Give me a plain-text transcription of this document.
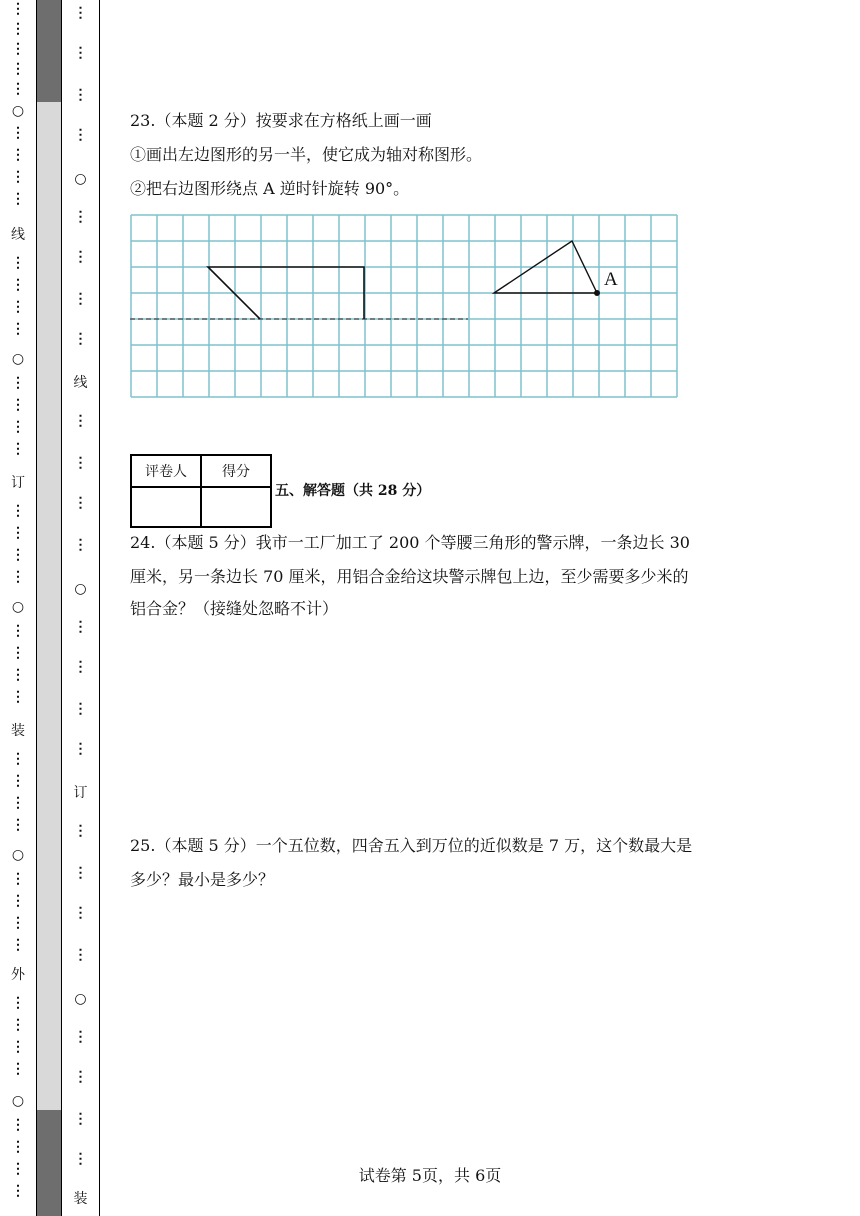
⋮
⋮
⋮
⋮
⋮
○
⋮
⋮
⋮
⋮
线
⋮
⋮
⋮
⋮
○
⋮
⋮
⋮
⋮
订
⋮
⋮
⋮
⋮
○
⋮
⋮
⋮
⋮
装
⋮
⋮
⋮
⋮
○
⋮
⋮
⋮
⋮
外
⋮
⋮
⋮
⋮
○
⋮
⋮
⋮
⋮
⋮
⋮
⋮
⋮
○
⋮
⋮
⋮
⋮
线
⋮
⋮
⋮
⋮
○
⋮
⋮
⋮
⋮
订
⋮
⋮
⋮
⋮
○
⋮
⋮
⋮
⋮
装
23.（本题 2 分）按要求在方格纸上画一画
①画出左边图形的另一半，使它成为轴对称图形。
②把右边图形绕点 A 逆时针旋转 90°。
A
评卷人	得分

五、解答题（共 28 分）
24.（本题 5 分）我市一工厂加工了 200 个等腰三角形的警示牌，一条边长 30
厘米，另一条边长 70 厘米，用铝合金给这块警示牌包上边，至少需要多少米的
铝合金？（接缝处忽略不计）
25.（本题 5 分）一个五位数，四舍五入到万位的近似数是 7 万，这个数最大是
多少？最小是多少？
试卷第 5页，共 6页
